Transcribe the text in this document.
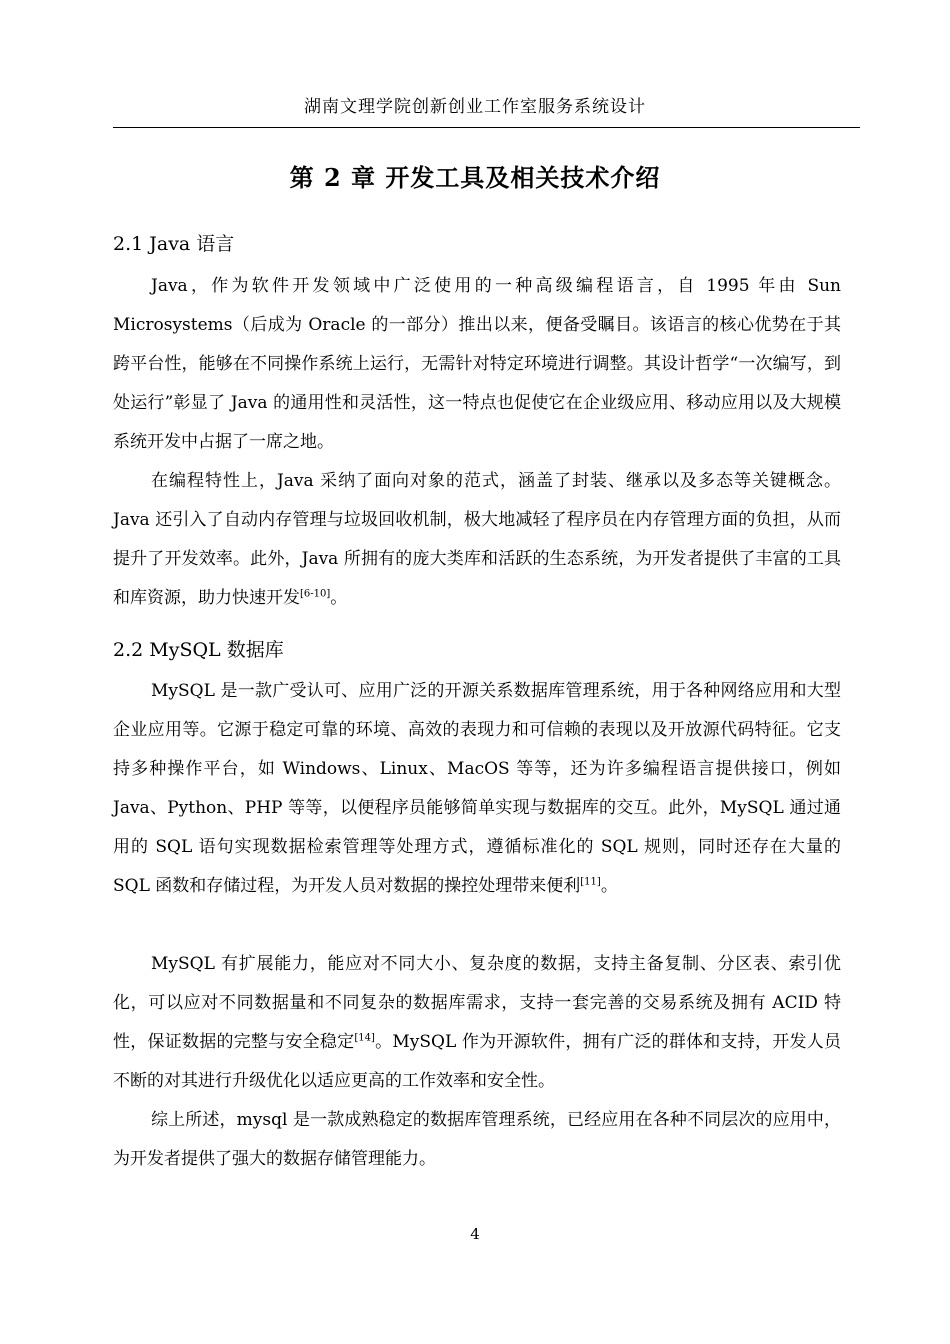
湖南文理学院创新创业工作室服务系统设计
第 2 章 开发工具及相关技术介绍
2.1 Java 语言

Java，作为软件开发领域中广泛使用的一种高级编程语言，自 1995 年由 Sun Microsystems（后成为 Oracle 的一部分）推出以来，便备受瞩目。该语言的核心优势在于其跨平台性，能够在不同操作系统上运行，无需针对特定环境进行调整。其设计哲学“一次编写，到处运行”彰显了 Java 的通用性和灵活性，这一特点也促使它在企业级应用、移动应用以及大规模系统开发中占据了一席之地。

在编程特性上，Java 采纳了面向对象的范式，涵盖了封装、继承以及多态等关键概念。Java 还引入了自动内存管理与垃圾回收机制，极大地减轻了程序员在内存管理方面的负担，从而提升了开发效率。此外，Java 所拥有的庞大类库和活跃的生态系统，为开发者提供了丰富的工具和库资源，助力快速开发[6-10]。

2.2 MySQL 数据库

MySQL 是一款广受认可、应用广泛的开源关系数据库管理系统，用于各种网络应用和大型企业应用等。它源于稳定可靠的环境、高效的表现力和可信赖的表现以及开放源代码特征。它支持多种操作平台，如 Windows、Linux、MacOS 等等，还为许多编程语言提供接口，例如 Java、Python、PHP 等等，以便程序员能够简单实现与数据库的交互。此外，MySQL 通过通用的 SQL 语句实现数据检索管理等处理方式，遵循标准化的 SQL 规则，同时还存在大量的 SQL 函数和存储过程，为开发人员对数据的操控处理带来便利[11]。

MySQL 有扩展能力，能应对不同大小、复杂度的数据，支持主备复制、分区表、索引优化，可以应对不同数据量和不同复杂的数据库需求，支持一套完善的交易系统及拥有 ACID 特性，保证数据的完整与安全稳定[14]。MySQL 作为开源软件，拥有广泛的群体和支持，开发人员不断的对其进行升级优化以适应更高的工作效率和安全性。

综上所述，mysql 是一款成熟稳定的数据库管理系统，已经应用在各种不同层次的应用中，为开发者提供了强大的数据存储管理能力。

4
